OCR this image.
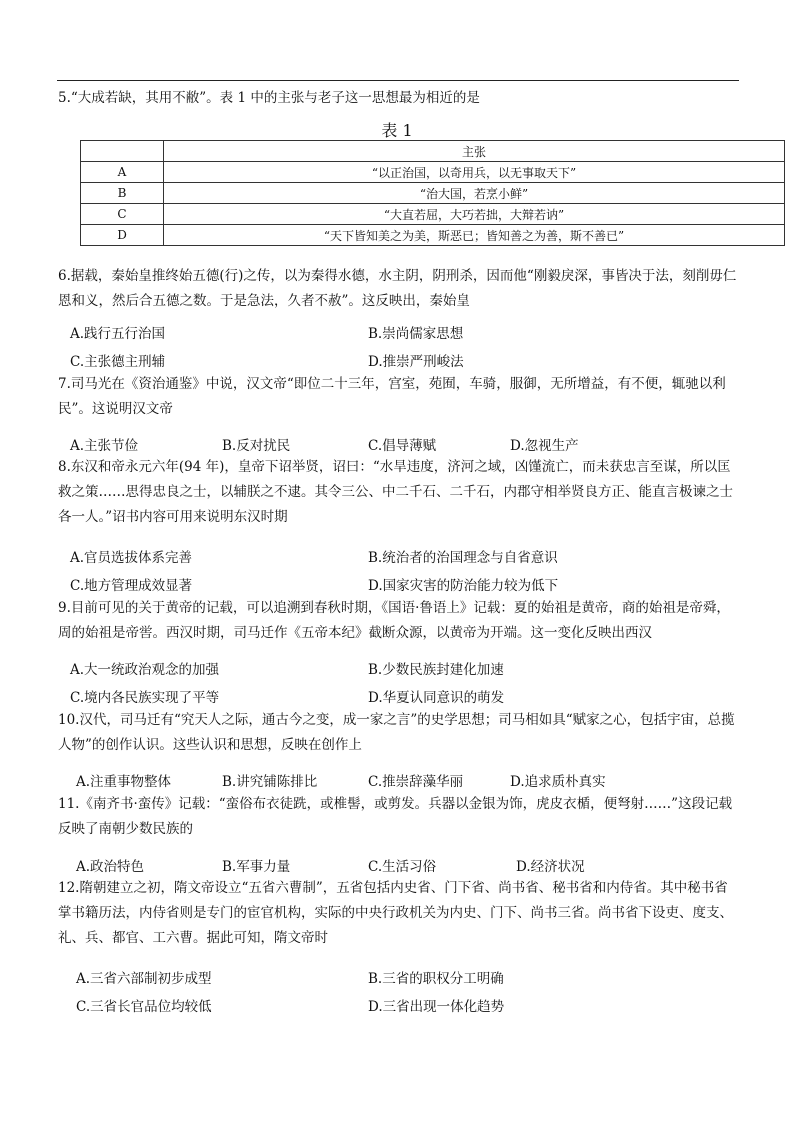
5.“大成若缺，其用不敝”。表 1 中的主张与老子这一思想最为相近的是
表 1
	主张
A	“以正治国，以奇用兵，以无事取天下”
B	“治大国，若烹小鲜”
C	“大直若屈，大巧若拙，大辩若讷”
D	“天下皆知美之为美，斯恶已；皆知善之为善，斯不善已”
6.据载，秦始皇推终始五德(行)之传，以为秦得水德，水主阴，阴刑杀，因而他“刚毅戾深，事皆决于法，刻削毋仁恩和义，然后合五德之数。于是急法，久者不赦”。这反映出，秦始皇
A.践行五行治国	B.崇尚儒家思想
C.主张德主刑辅	D.推崇严刑峻法
7.司马光在《资治通鉴》中说，汉文帝“即位二十三年，宫室，苑囿，车骑，服御，无所增益，有不便，辄驰以利民”。这说明汉文帝
A.主张节俭	B.反对扰民	C.倡导薄赋	D.忽视生产
8.东汉和帝永元六年(94 年)，皇帝下诏举贤，诏曰：“水旱违度，济河之域，凶馑流亡，而未获忠言至谋，所以匡救之策……思得忠良之士，以辅朕之不逮。其令三公、中二千石、二千石，内郡守相举贤良方正、能直言极谏之士各一人。”诏书内容可用来说明东汉时期
A.官员选拔体系完善	B.统治者的治国理念与自省意识
C.地方管理成效显著	D.国家灾害的防治能力较为低下
9.目前可见的关于黄帝的记载，可以追溯到春秋时期，《国语·鲁语上》记载：夏的始祖是黄帝，商的始祖是帝舜，周的始祖是帝喾。西汉时期，司马迁作《五帝本纪》截断众源，以黄帝为开端。这一变化反映出西汉
A.大一统政治观念的加强	B.少数民族封建化加速
C.境内各民族实现了平等	D.华夏认同意识的萌发
10.汉代，司马迁有“究天人之际，通古今之变，成一家之言”的史学思想；司马相如具“赋家之心，包括宇宙，总揽人物”的创作认识。这些认识和思想，反映在创作上
A.注重事物整体	B.讲究铺陈排比	C.推崇辞藻华丽	D.追求质朴真实
11.《南齐书·蛮传》记载：“蛮俗布衣徒跣，或椎髻，或剪发。兵器以金银为饰，虎皮衣楯，便弩射……”这段记载反映了南朝少数民族的
A.政治特色	B.军事力量	C.生活习俗	D.经济状况
12.隋朝建立之初，隋文帝设立“五省六曹制”，五省包括内史省、门下省、尚书省、秘书省和内侍省。其中秘书省掌书籍历法，内侍省则是专门的宦官机构，实际的中央行政机关为内史、门下、尚书三省。尚书省下设吏、度支、礼、兵、都官、工六曹。据此可知，隋文帝时
A.三省六部制初步成型	B.三省的职权分工明确
C.三省长官品位均较低	D.三省出现一体化趋势
